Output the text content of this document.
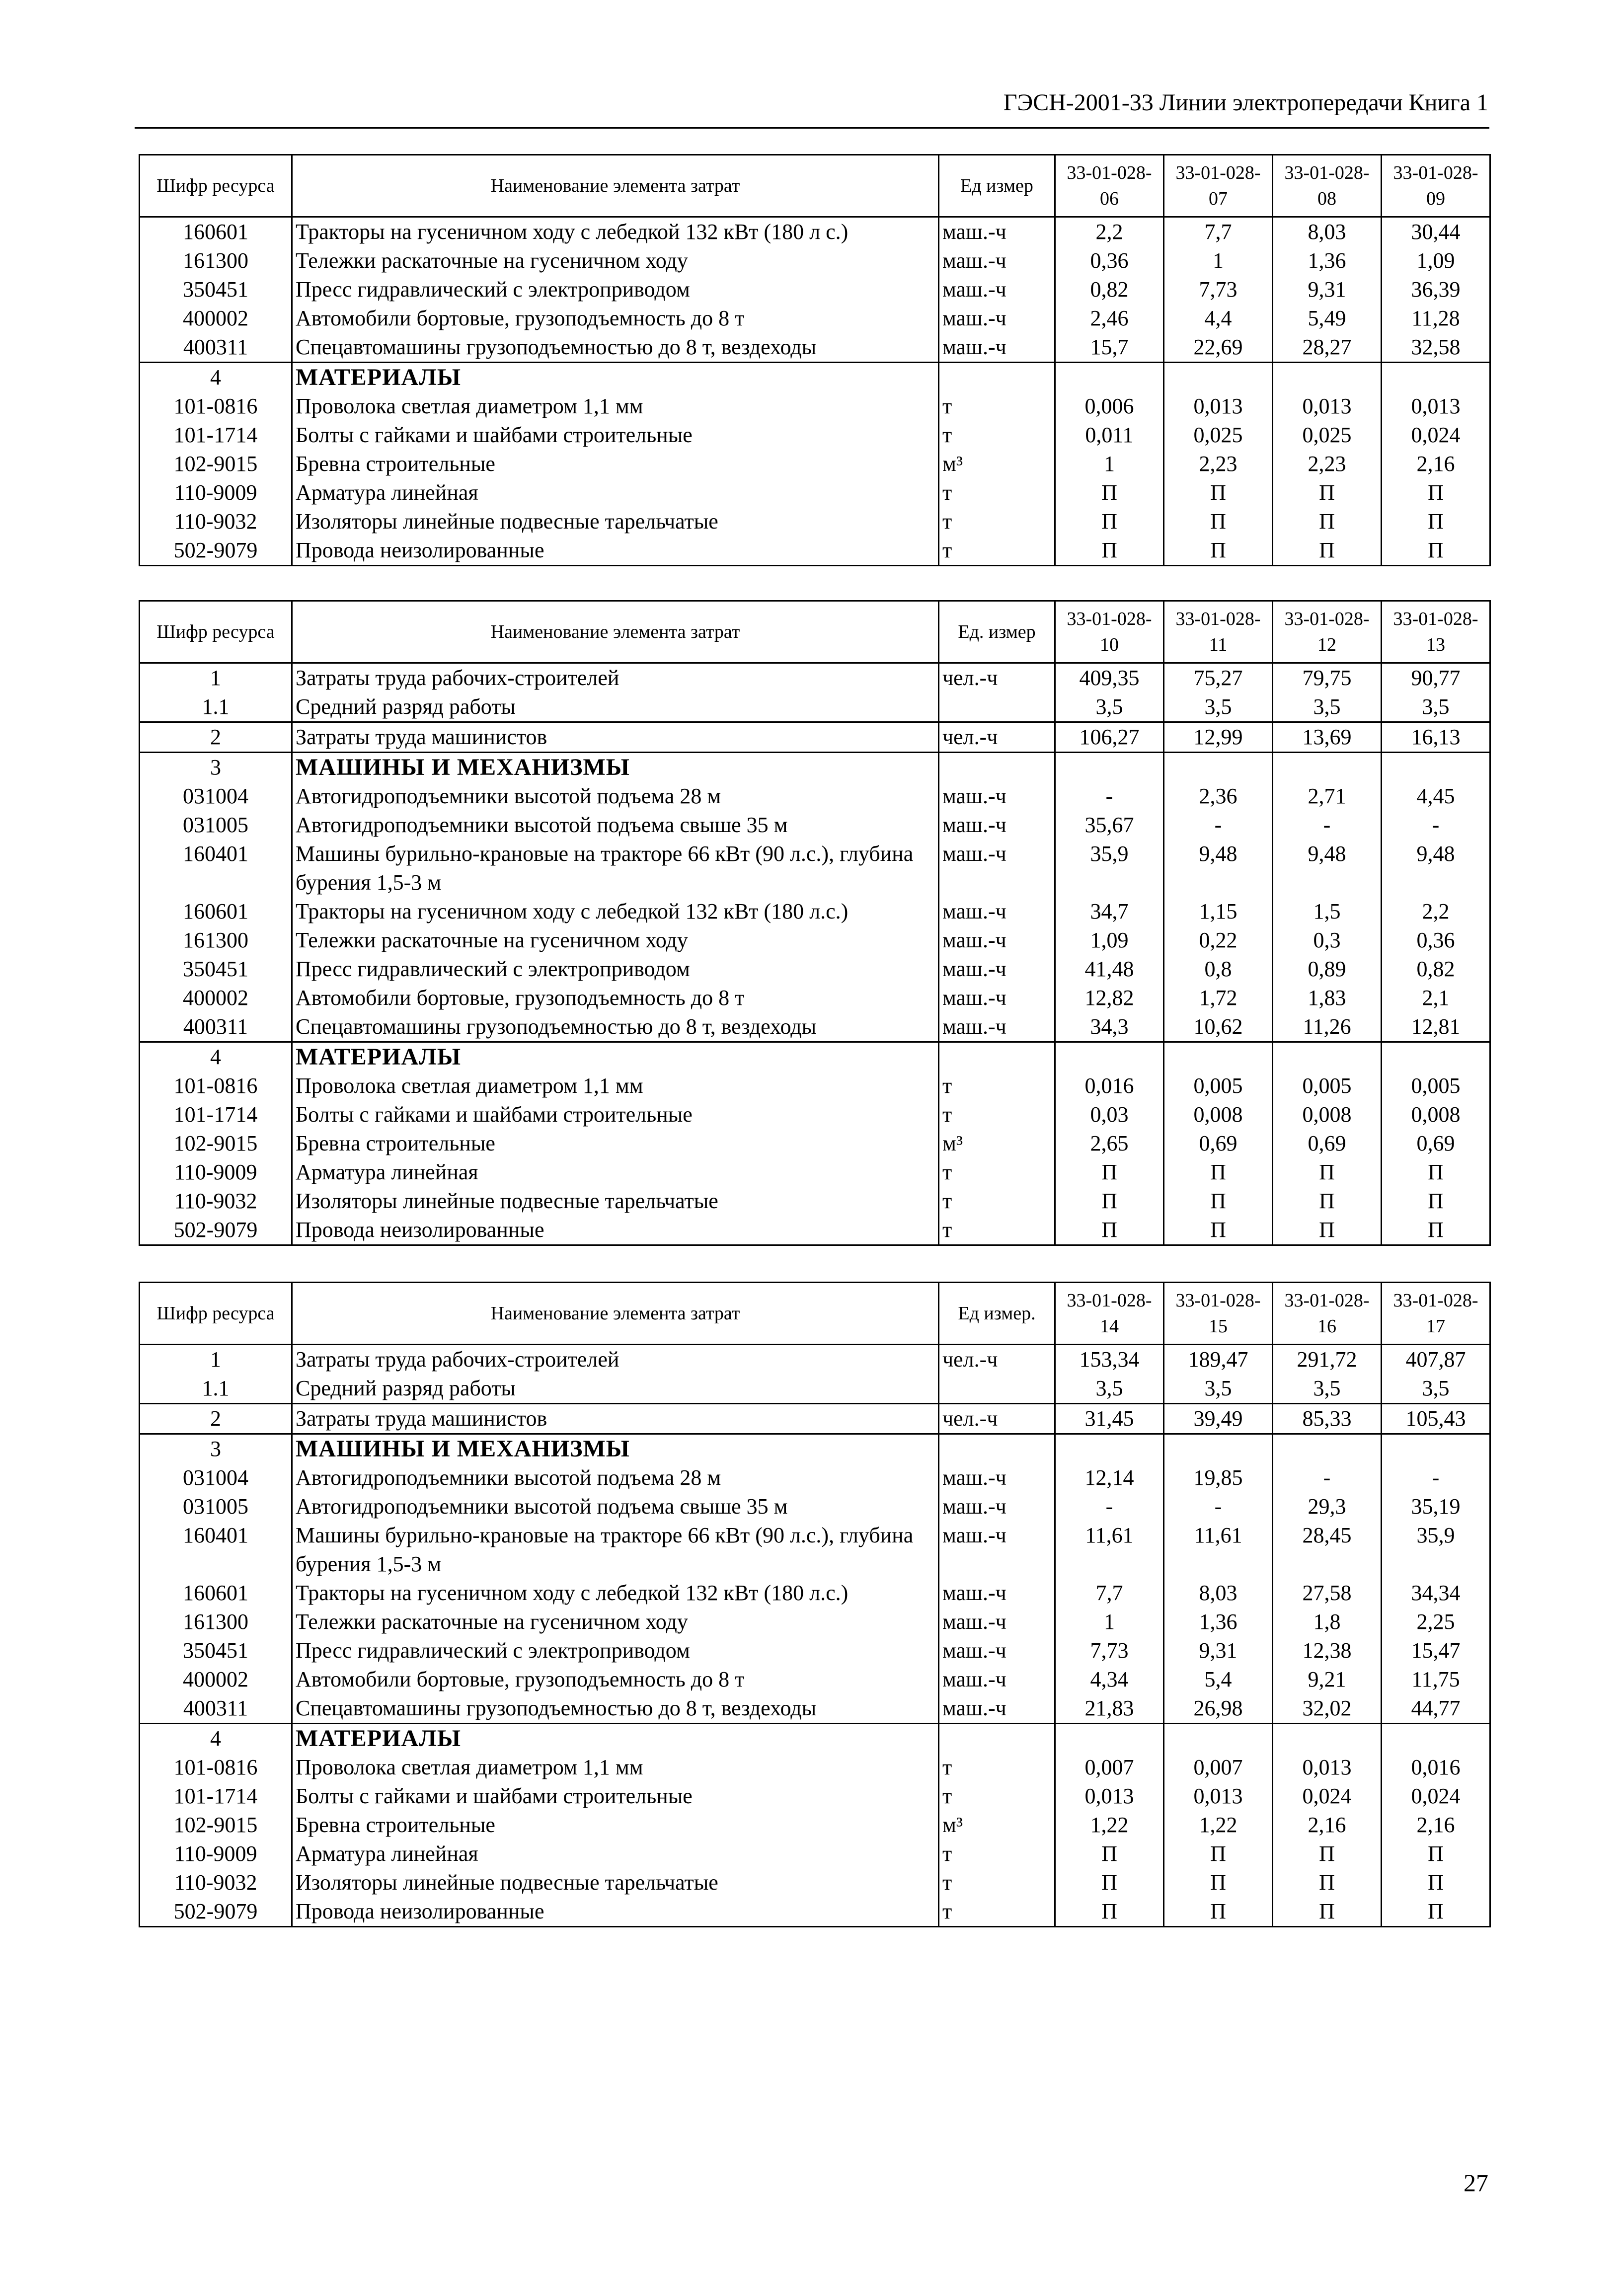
ГЭСН-2001-33 Линии электропередачи Книга 1
Шифр ресурса	Наименование элемента затрат	Ед измер	33-01-028-06	33-01-028-07	33-01-028-08	33-01-028-09
160601	Тракторы на гусеничном ходу с лебедкой 132 кВт (180 л с.)	маш.-ч	2,2	7,7	8,03	30,44
161300	Тележки раскаточные на гусеничном ходу	маш.-ч	0,36	1	1,36	1,09
350451	Пресс гидравлический с электроприводом	маш.-ч	0,82	7,73	9,31	36,39
400002	Автомобили бортовые, грузоподъемность до 8 т	маш.-ч	2,46	4,4	5,49	11,28
400311	Спецавтомашины грузоподъемностью до 8 т, вездеходы	маш.-ч	15,7	22,69	28,27	32,58
4	МАТЕРИАЛЫ					
101-0816	Проволока светлая диаметром 1,1 мм	т	0,006	0,013	0,013	0,013
101-1714	Болты с гайками и шайбами строительные	т	0,011	0,025	0,025	0,024
102-9015	Бревна строительные	м³	1	2,23	2,23	2,16
110-9009	Арматура линейная	т	П	П	П	П
110-9032	Изоляторы линейные подвесные тарельчатые	т	П	П	П	П
502-9079	Провода неизолированные	т	П	П	П	П
Шифр ресурса	Наименование элемента затрат	Ед. измер	33-01-028-10	33-01-028-11	33-01-028-12	33-01-028-13
1	Затраты труда рабочих-строителей	чел.-ч	409,35	75,27	79,75	90,77
1.1	Средний разряд работы		3,5	3,5	3,5	3,5
2	Затраты труда машинистов	чел.-ч	106,27	12,99	13,69	16,13
3	МАШИНЫ И МЕХАНИЗМЫ					
031004	Автогидроподъемники высотой подъема 28 м	маш.-ч	-	2,36	2,71	4,45
031005	Автогидроподъемники высотой подъема свыше 35 м	маш.-ч	35,67	-	-	-
160401	Машины бурильно-крановые на тракторе 66 кВт (90 л.с.), глубина бурения 1,5-3 м	маш.-ч	35,9	9,48	9,48	9,48
160601	Тракторы на гусеничном ходу с лебедкой 132 кВт (180 л.с.)	маш.-ч	34,7	1,15	1,5	2,2
161300	Тележки раскаточные на гусеничном ходу	маш.-ч	1,09	0,22	0,3	0,36
350451	Пресс гидравлический с электроприводом	маш.-ч	41,48	0,8	0,89	0,82
400002	Автомобили бортовые, грузоподъемность до 8 т	маш.-ч	12,82	1,72	1,83	2,1
400311	Спецавтомашины грузоподъемностью до 8 т, вездеходы	маш.-ч	34,3	10,62	11,26	12,81
4	МАТЕРИАЛЫ					
101-0816	Проволока светлая диаметром 1,1 мм	т	0,016	0,005	0,005	0,005
101-1714	Болты с гайками и шайбами строительные	т	0,03	0,008	0,008	0,008
102-9015	Бревна строительные	м³	2,65	0,69	0,69	0,69
110-9009	Арматура линейная	т	П	П	П	П
110-9032	Изоляторы линейные подвесные тарельчатые	т	П	П	П	П
502-9079	Провода неизолированные	т	П	П	П	П
Шифр ресурса	Наименование элемента затрат	Ед измер.	33-01-028-14	33-01-028-15	33-01-028-16	33-01-028-17
1	Затраты труда рабочих-строителей	чел.-ч	153,34	189,47	291,72	407,87
1.1	Средний разряд работы		3,5	3,5	3,5	3,5
2	Затраты труда машинистов	чел.-ч	31,45	39,49	85,33	105,43
3	МАШИНЫ И МЕХАНИЗМЫ					
031004	Автогидроподъемники высотой подъема 28 м	маш.-ч	12,14	19,85	-	-
031005	Автогидроподъемники высотой подъема свыше 35 м	маш.-ч	-	-	29,3	35,19
160401	Машины бурильно-крановые на тракторе 66 кВт (90 л.с.), глубина бурения 1,5-3 м	маш.-ч	11,61	11,61	28,45	35,9
160601	Тракторы на гусеничном ходу с лебедкой 132 кВт (180 л.с.)	маш.-ч	7,7	8,03	27,58	34,34
161300	Тележки раскаточные на гусеничном ходу	маш.-ч	1	1,36	1,8	2,25
350451	Пресс гидравлический с электроприводом	маш.-ч	7,73	9,31	12,38	15,47
400002	Автомобили бортовые, грузоподъемность до 8 т	маш.-ч	4,34	5,4	9,21	11,75
400311	Спецавтомашины грузоподъемностью до 8 т, вездеходы	маш.-ч	21,83	26,98	32,02	44,77
4	МАТЕРИАЛЫ					
101-0816	Проволока светлая диаметром 1,1 мм	т	0,007	0,007	0,013	0,016
101-1714	Болты с гайками и шайбами строительные	т	0,013	0,013	0,024	0,024
102-9015	Бревна строительные	м³	1,22	1,22	2,16	2,16
110-9009	Арматура линейная	т	П	П	П	П
110-9032	Изоляторы линейные подвесные тарельчатые	т	П	П	П	П
502-9079	Провода неизолированные	т	П	П	П	П
27
